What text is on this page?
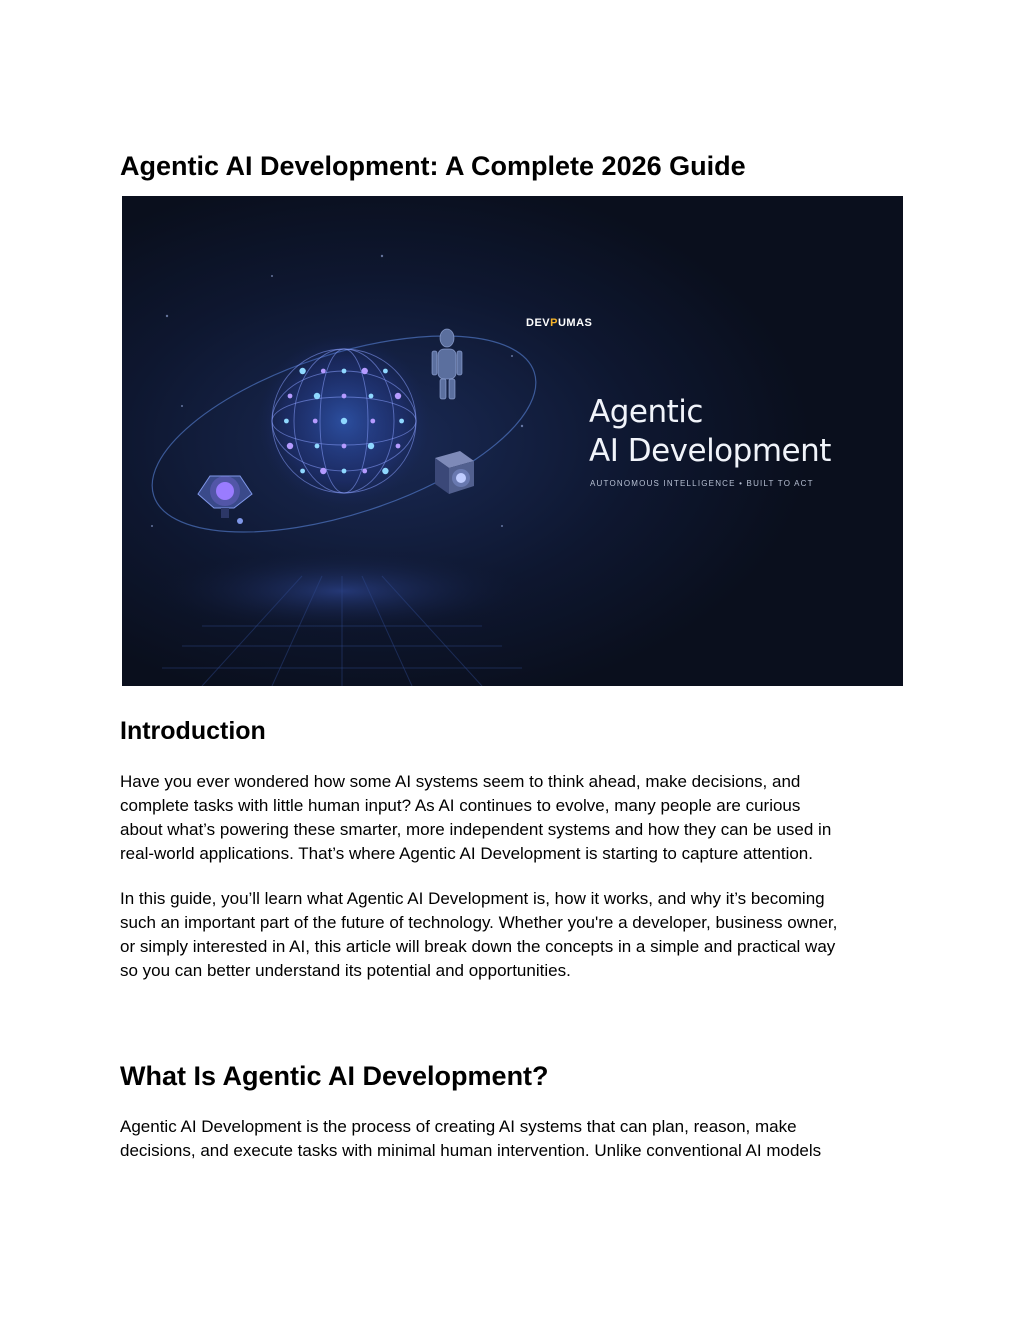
Agentic AI Development: A Complete 2026 Guide
DEVPUMAS
Agentic
AI Development
AUTONOMOUS INTELLIGENCE • BUILT TO ACT
Introduction

Have you ever wondered how some AI systems seem to think ahead, make decisions, and
complete tasks with little human input? As AI continues to evolve, many people are curious
about what’s powering these smarter, more independent systems and how they can be used in
real-world applications. That’s where Agentic AI Development is starting to capture attention.

In this guide, you’ll learn what Agentic AI Development is, how it works, and why it’s becoming
such an important part of the future of technology. Whether you're a developer, business owner,
or simply interested in AI, this article will break down the concepts in a simple and practical way
so you can better understand its potential and opportunities.

What Is Agentic AI Development?

Agentic AI Development is the process of creating AI systems that can plan, reason, make
decisions, and execute tasks with minimal human intervention. Unlike conventional AI models
